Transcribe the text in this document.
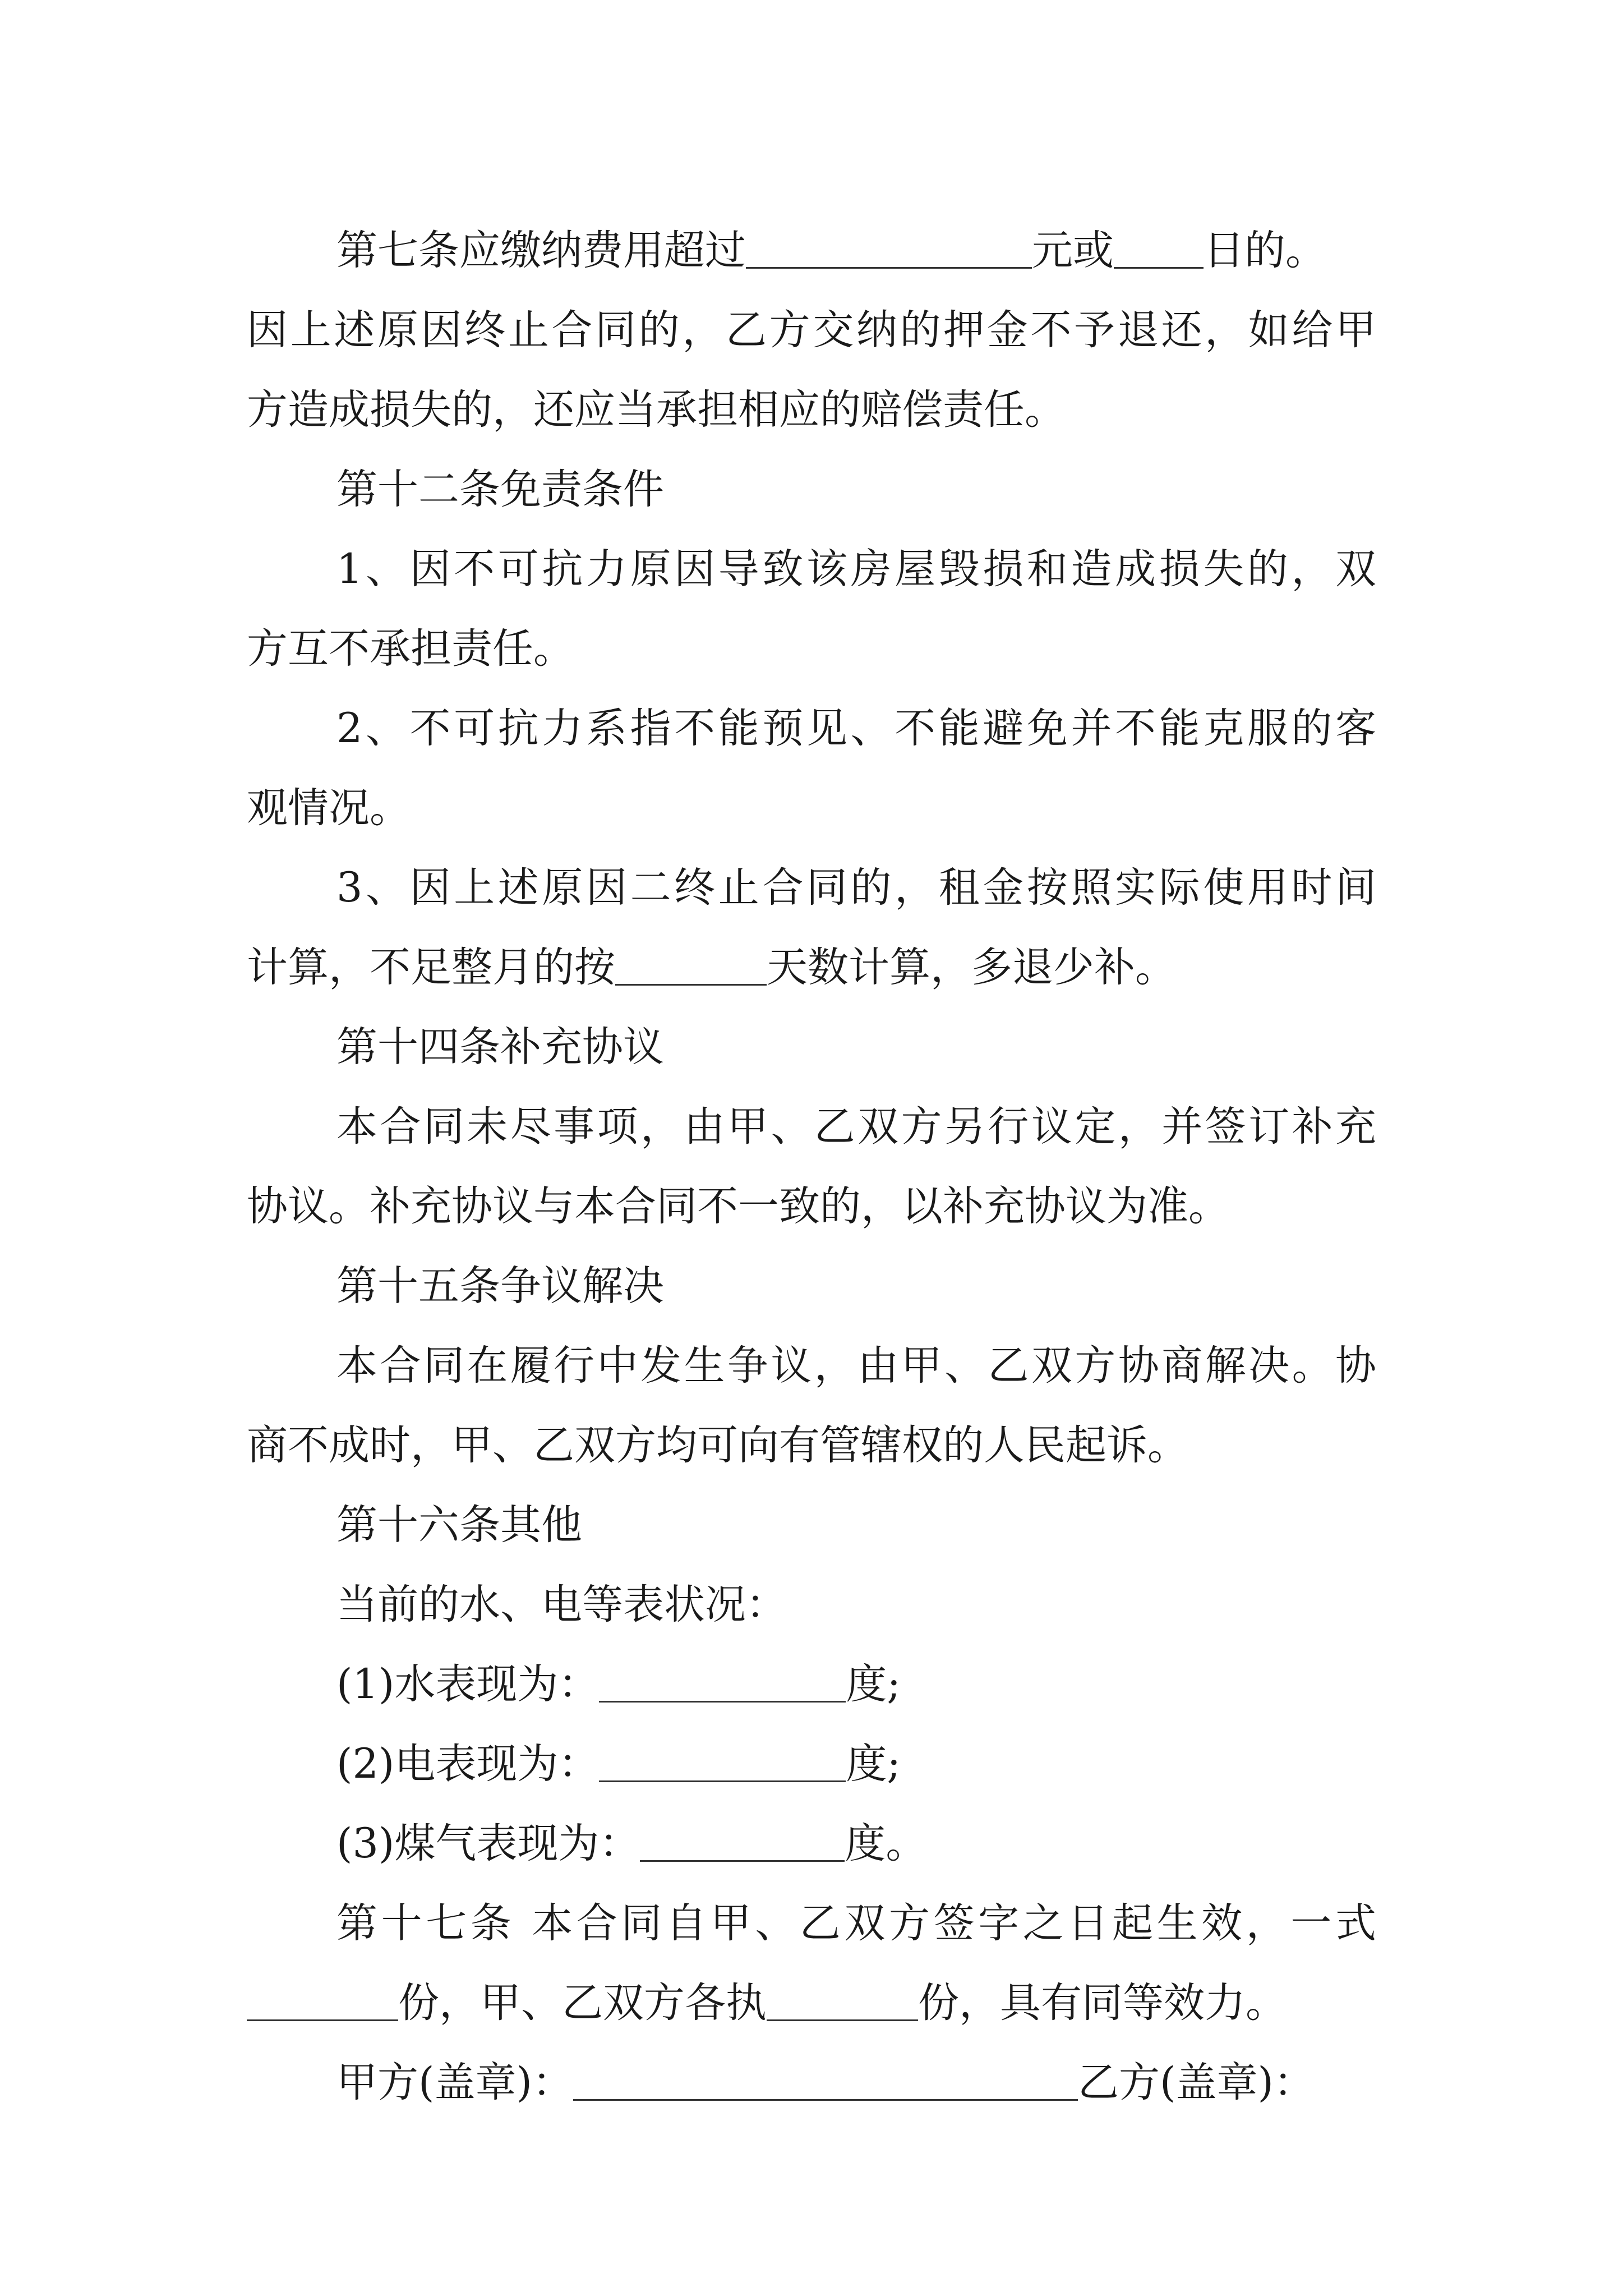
第七条应缴纳费用超过	元或 日的。
因上述原因终止合同的，乙方交纳的押金不予退还，如给甲
方造成损失的，还应当承担相应的赔偿责任。
第十二条免责条件
1、因不可抗力原因导致该房屋毁损和造成损失的，双
方互不承担责任。
2、不可抗力系指不能预见、不能避免并不能克服的客
观情况。
3、因上述原因二终止合同的，租金按照实际使用时间
计算，不足整月的按	天数计算，多退少补。
第十四条补充协议
本合同未尽事项，由甲、乙双方另行议定，并签订补充
协议。补充协议与本合同不一致的，以补充协议为准。
第十五条争议解决
本合同在履行中发生争议，由甲、乙双方协商解决。协
商不成时，甲、乙双方均可向有管辖权的人民起诉。
第十六条其他
当前的水、电等表状况：
(1)水表现为：	度;
(2)电表现为：	度;
(3)煤气表现为：	度。
第十七条 本合同自甲、乙双方签字之日起生效，一式
份，甲、乙双方各执	份，具有同等效力。
甲方(盖章)：	乙方(盖章)：
